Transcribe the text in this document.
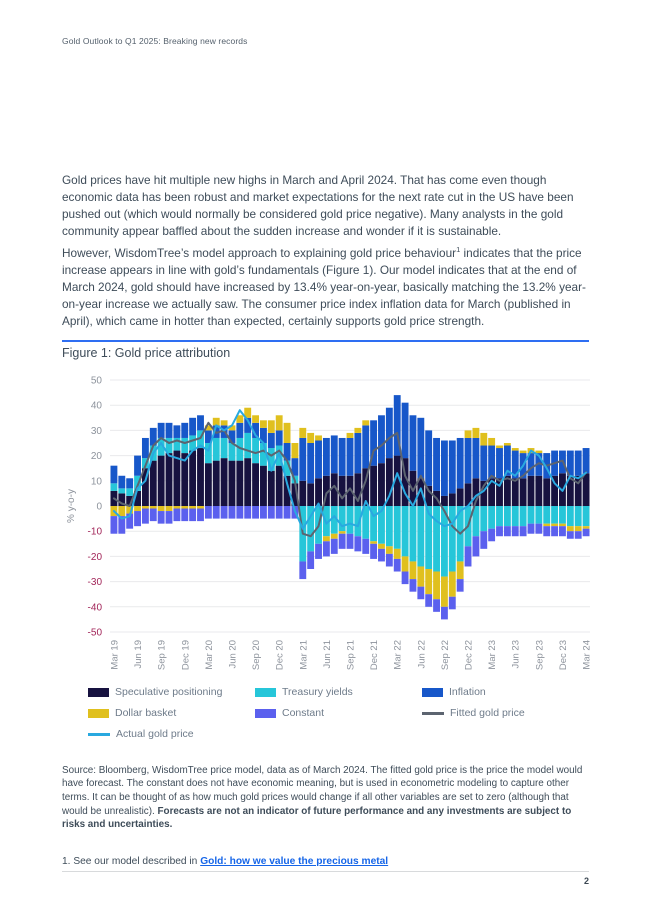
Gold Outlook to Q1 2025: Breaking new records

Gold prices have hit multiple new highs in March and April 2024. That has come even though economic data has been robust and market expectations for the next rate cut in the US have been pushed out (which would normally be considered gold price negative). Many analysts in the gold community appear baffled about the sudden increase and wonder if it is sustainable.

However, WisdomTree’s model approach to explaining gold price behaviour$^1$ indicates that the price increase appears in line with gold’s fundamentals (Figure 1). Our model indicates that at the end of March 2024, gold should have increased by 13.4% year-on-year, basically matching the 13.2% year-on-year increase we actually saw. The consumer price index inflation data for March (published in April), which came in hotter than expected, certainly supports gold price strength.

Figure 1: Gold price attribution
50
40
30
20
10
0
-10
-20
-30
-40
-50
% y-o-y
Mar 19 Jun 19 Sep 19 Dec 19 Mar 20 Jun 20 Sep 20 Dec 20 Mar 21 Jun 21 Sep 21 Dec 21 Mar 22 Jun 22 Sep 22 Dec 22 Mar 23 Jun 23 Sep 23 Dec 23 Mar 24
Speculative positioning	Treasury yields	Inflation
Dollar basket	Constant	Fitted gold price
Actual gold price

Source: Bloomberg, WisdomTree price model, data as of March 2024. The fitted gold price is the price the model would have forecast. The constant does not have economic meaning, but is used in econometric modeling to capture other terms. It can be thought of as how much gold prices would change if all other variables are set to zero (although that would be unrealistic). Forecasts are not an indicator of future performance and any investments are subject to risks and uncertainties.

1. See our model described in Gold: how we value the precious metal

2
